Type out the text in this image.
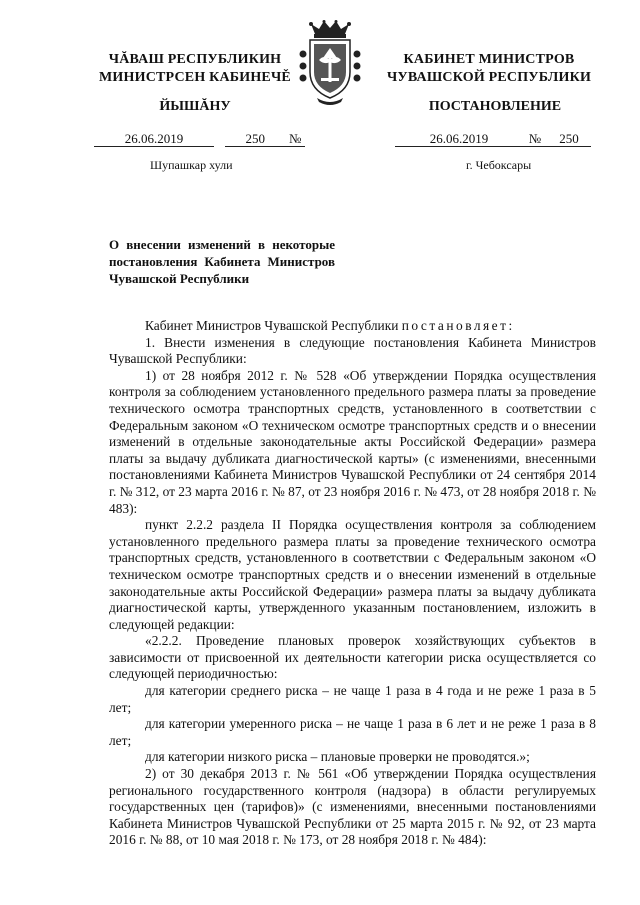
ЧĂВАШ РЕСПУБЛИКИН
МИНИСТРСЕН КАБИНЕЧĚ
ЙЫШĂНУ
КАБИНЕТ МИНИСТРОВ
ЧУВАШСКОЙ РЕСПУБЛИКИ
ПОСТАНОВЛЕНИЕ
26.06.2019	250 №	26.06.2019	№ 250
Шупашкар хули	г. Чебоксары
О внесении изменений в некоторые постановления Кабинета Министров Чувашской Республики

Кабинет Министров Чувашской Республики постановляет:

1. Внести изменения в следующие постановления Кабинета Министров Чувашской Республики:

1) от 28 ноября 2012 г. № 528 «Об утверждении Порядка осуществления контроля за соблюдением установленного предельного размера платы за проведение технического осмотра транспортных средств, установленного в соответствии с Федеральным законом «О техническом осмотре транспортных средств и о внесении изменений в отдельные законодательные акты Российской Федерации» размера платы за выдачу дубликата диагностической карты» (с изменениями, внесенными постановлениями Кабинета Министров Чувашской Республики от 24 сентября 2014 г. № 312, от 23 марта 2016 г. № 87, от 23 ноября 2016 г. № 473, от 28 ноября 2018 г. № 483):

пункт 2.2.2 раздела II Порядка осуществления контроля за соблюдением установленного предельного размера платы за проведение технического осмотра транспортных средств, установленного в соответствии с Федеральным законом «О техническом осмотре транспортных средств и о внесении изменений в отдельные законодательные акты Российской Федерации» размера платы за выдачу дубликата диагностической карты, утвержденного указанным постановлением, изложить в следующей редакции:

«2.2.2. Проведение плановых проверок хозяйствующих субъектов в зависимости от присвоенной их деятельности категории риска осуществляется со следующей периодичностью:

для категории среднего риска – не чаще 1 раза в 4 года и не реже 1 раза в 5 лет;

для категории умеренного риска – не чаще 1 раза в 6 лет и не реже 1 раза в 8 лет;

для категории низкого риска – плановые проверки не проводятся.»;

2) от 30 декабря 2013 г. № 561 «Об утверждении Порядка осуществления регионального государственного контроля (надзора) в области регулируемых государственных цен (тарифов)» (с изменениями, внесенными постановлениями Кабинета Министров Чувашской Республики от 25 марта 2015 г. № 92, от 23 марта 2016 г. № 88, от 10 мая 2018 г. № 173, от 28 ноября 2018 г. № 484):
